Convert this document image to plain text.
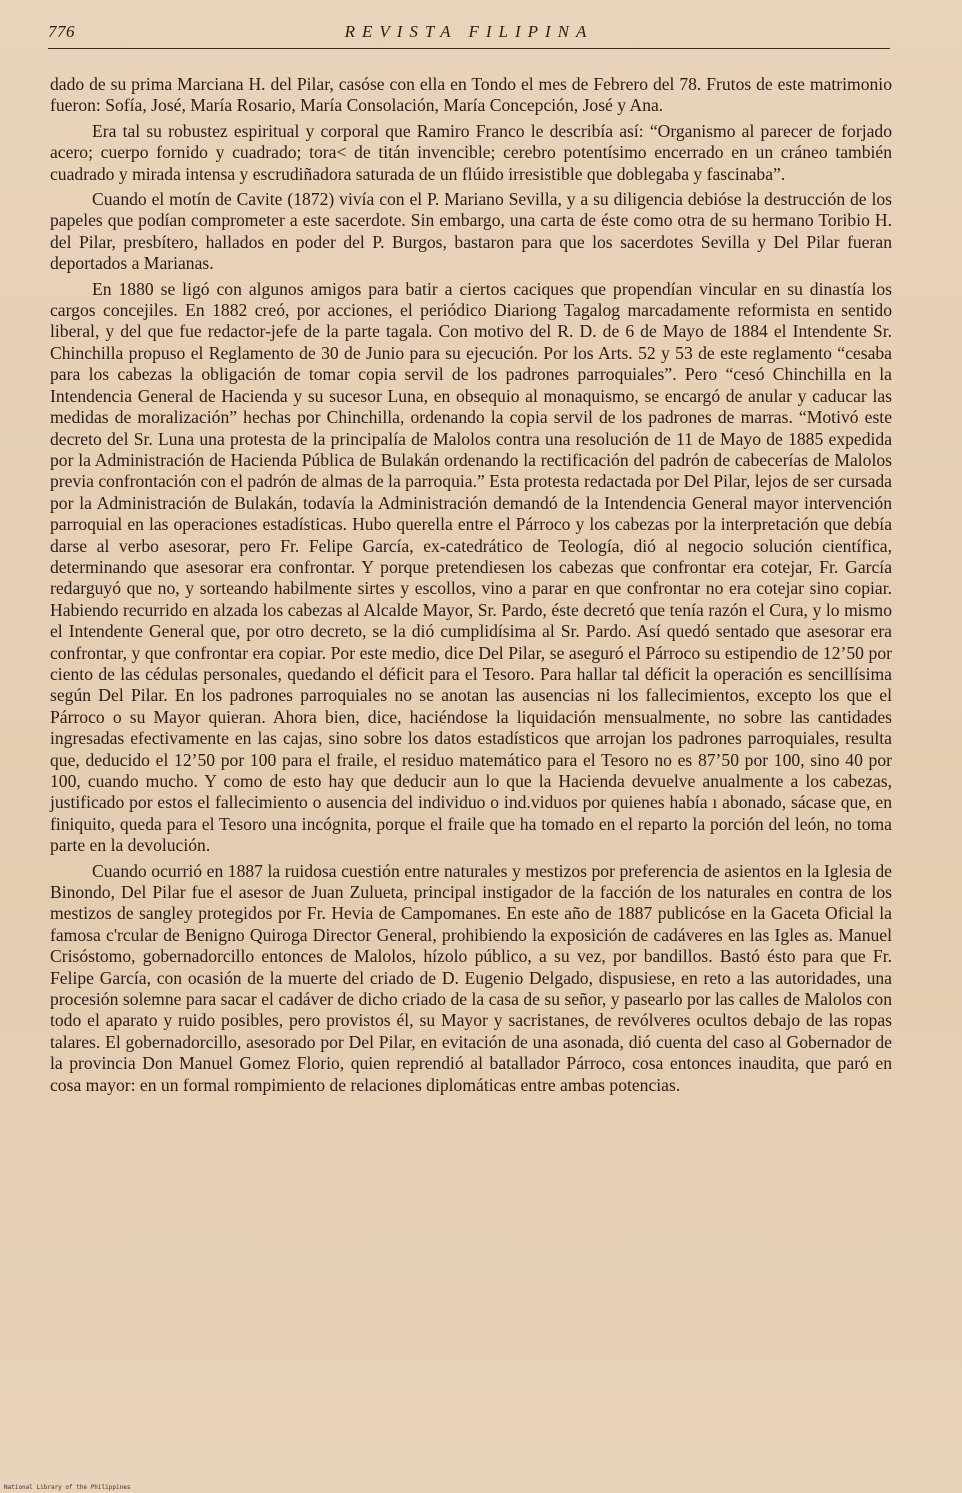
776	REVISTA FILIPINA

dado de su prima Marciana H. del Pilar, casóse con ella en Tondo el mes de Febrero del 78. Frutos de este matrimonio fueron: Sofía, José, María Rosario, María Consolación, María Concepción, José y Ana.

Era tal su robustez espiritual y corporal que Ramiro Franco le describía así: “Organismo al parecer de forjado acero; cuerpo fornido y cuadrado; tora< de titán invencible; cerebro potentísimo encerrado en un cráneo también cuadrado y mirada intensa y escrudiñadora saturada de un flúido irresistible que doblegaba y fascinaba”.

Cuando el motín de Cavite (1872) vivía con el P. Mariano Sevilla, y a su diligencia debióse la destrucción de los papeles que podían comprometer a este sacerdote. Sin embargo, una carta de éste como otra de su hermano Toribio H. del Pilar, presbítero, hallados en poder del P. Burgos, bastaron para que los sacerdotes Sevilla y Del Pilar fueran deportados a Marianas.

En 1880 se ligó con algunos amigos para batir a ciertos caciques que propendían vincular en su dinastía los cargos concejiles. En 1882 creó, por acciones, el periódico Diariong Tagalog marcadamente reformista en sentido liberal, y del que fue redactor-jefe de la parte tagala. Con motivo del R. D. de 6 de Mayo de 1884 el Intendente Sr. Chinchilla propuso el Reglamento de 30 de Junio para su ejecución. Por los Arts. 52 y 53 de este reglamento “cesaba para los cabezas la obligación de tomar copia servil de los padrones parroquiales”. Pero “cesó Chinchilla en la Intendencia General de Hacienda y su sucesor Luna, en obsequio al monaquismo, se encargó de anular y caducar las medidas de moralización” hechas por Chinchilla, ordenando la copia servil de los padrones de marras. “Motivó este decreto del Sr. Luna una protesta de la principalía de Malolos contra una resolución de 11 de Mayo de 1885 expedida por la Administración de Hacienda Pública de Bulakán ordenando la rectificación del padrón de cabecerías de Malolos previa confrontación con el padrón de almas de la parroquia.” Esta protesta redactada por Del Pilar, lejos de ser cursada por la Administración de Bulakán, todavía la Administración demandó de la Intendencia General mayor intervención parroquial en las operaciones estadísticas. Hubo querella entre el Párroco y los cabezas por la interpretación que debía darse al verbo asesorar, pero Fr. Felipe García, ex-catedrático de Teología, dió al negocio solución científica, determinando que asesorar era confrontar. Y porque pretendiesen los cabezas que confrontar era cotejar, Fr. García redarguyó que no, y sorteando habilmente sirtes y escollos, vino a parar en que confrontar no era cotejar sino copiar. Habiendo recurrido en alzada los cabezas al Alcalde Mayor, Sr. Pardo, éste decretó que tenía razón el Cura, y lo mismo el Intendente General que, por otro decreto, se la dió cumplidísima al Sr. Pardo. Así quedó sentado que asesorar era confrontar, y que confrontar era copiar. Por este medio, dice Del Pilar, se aseguró el Párroco su estipendio de 12’50 por ciento de las cédulas personales, quedando el déficit para el Tesoro. Para hallar tal déficit la operación es sencillísima según Del Pilar. En los padrones parroquiales no se anotan las ausencias ni los fallecimientos, excepto los que el Párroco o su Mayor quieran. Ahora bien, dice, haciéndose la liquidación mensualmente, no sobre las cantidades ingresadas efectivamente en las cajas, sino sobre los datos estadísticos que arrojan los padrones parroquiales, resulta que, deducido el 12’50 por 100 para el fraile, el residuo matemático para el Tesoro no es 87’50 por 100, sino 40 por 100, cuando mucho. Y como de esto hay que deducir aun lo que la Hacienda devuelve anualmente a los cabezas, justificado por estos el fallecimiento o ausencia del individuo o ind.viduos por quienes había ı abonado, sácase que, en finiquito, queda para el Tesoro una incógnita, porque el fraile que ha tomado en el reparto la porción del león, no toma parte en la devolución.

Cuando ocurrió en 1887 la ruidosa cuestión entre naturales y mestizos por preferencia de asientos en la Iglesia de Binondo, Del Pilar fue el asesor de Juan Zulueta, principal instigador de la facción de los naturales en contra de los mestizos de sangley protegidos por Fr. Hevia de Campomanes. En este año de 1887 publicóse en la Gaceta Oficial la famosa c'rcular de Benigno Quiroga Director General, prohibiendo la exposición de cadáveres en las Igles as. Manuel Crisóstomo, gobernadorcillo entonces de Malolos, hízolo público, a su vez, por bandillos. Bastó ésto para que Fr. Felipe García, con ocasión de la muerte del criado de D. Eugenio Delgado, dispusiese, en reto a las autoridades, una procesión solemne para sacar el cadáver de dicho criado de la casa de su señor, y pasearlo por las calles de Malolos con todo el aparato y ruido posibles, pero provistos él, su Mayor y sacristanes, de revólveres ocultos debajo de las ropas talares. El gobernadorcillo, asesorado por Del Pilar, en evitación de una asonada, dió cuenta del caso al Gobernador de la provincia Don Manuel Gomez Florio, quien reprendió al batallador Párroco, cosa entonces inaudita, que paró en cosa mayor: en un formal rompimiento de relaciones diplomáticas entre ambas potencias.

National Library of the Philippines
